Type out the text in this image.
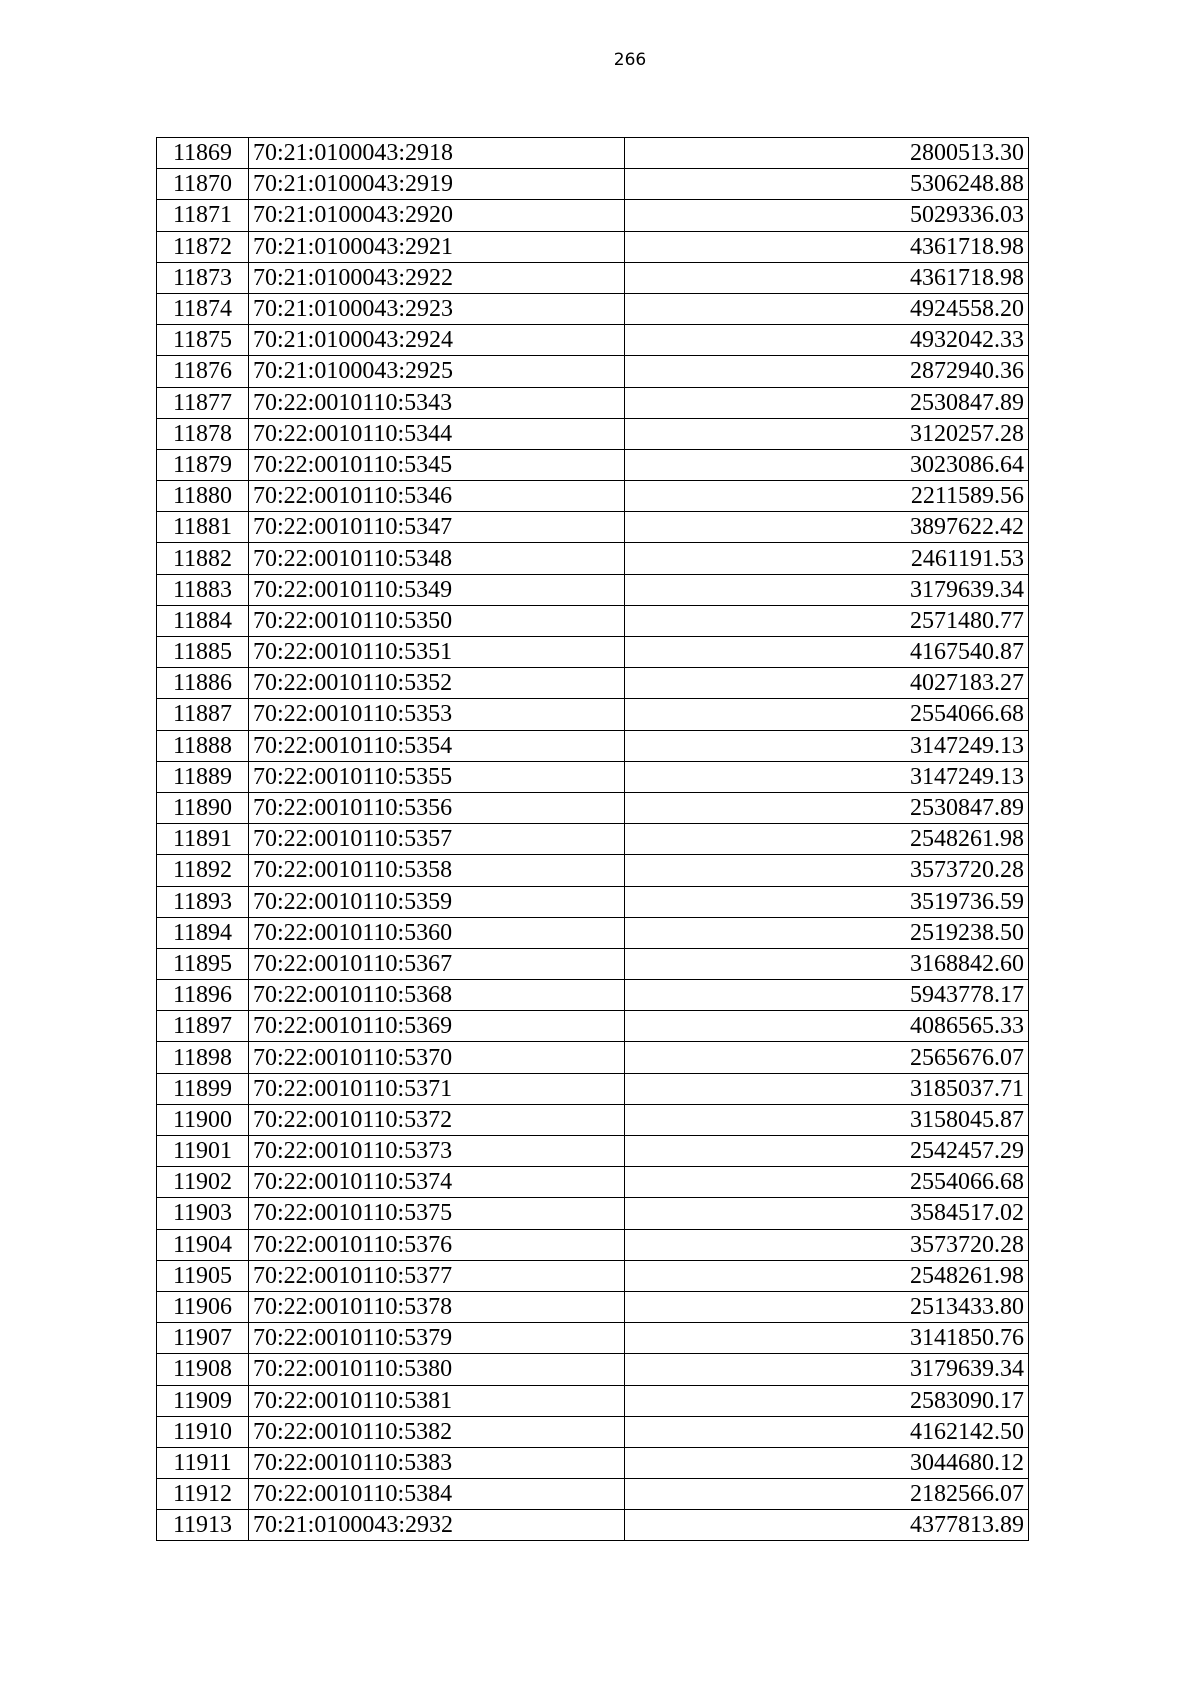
266
11869	70:21:0100043:2918	2800513.30
11870	70:21:0100043:2919	5306248.88
11871	70:21:0100043:2920	5029336.03
11872	70:21:0100043:2921	4361718.98
11873	70:21:0100043:2922	4361718.98
11874	70:21:0100043:2923	4924558.20
11875	70:21:0100043:2924	4932042.33
11876	70:21:0100043:2925	2872940.36
11877	70:22:0010110:5343	2530847.89
11878	70:22:0010110:5344	3120257.28
11879	70:22:0010110:5345	3023086.64
11880	70:22:0010110:5346	2211589.56
11881	70:22:0010110:5347	3897622.42
11882	70:22:0010110:5348	2461191.53
11883	70:22:0010110:5349	3179639.34
11884	70:22:0010110:5350	2571480.77
11885	70:22:0010110:5351	4167540.87
11886	70:22:0010110:5352	4027183.27
11887	70:22:0010110:5353	2554066.68
11888	70:22:0010110:5354	3147249.13
11889	70:22:0010110:5355	3147249.13
11890	70:22:0010110:5356	2530847.89
11891	70:22:0010110:5357	2548261.98
11892	70:22:0010110:5358	3573720.28
11893	70:22:0010110:5359	3519736.59
11894	70:22:0010110:5360	2519238.50
11895	70:22:0010110:5367	3168842.60
11896	70:22:0010110:5368	5943778.17
11897	70:22:0010110:5369	4086565.33
11898	70:22:0010110:5370	2565676.07
11899	70:22:0010110:5371	3185037.71
11900	70:22:0010110:5372	3158045.87
11901	70:22:0010110:5373	2542457.29
11902	70:22:0010110:5374	2554066.68
11903	70:22:0010110:5375	3584517.02
11904	70:22:0010110:5376	3573720.28
11905	70:22:0010110:5377	2548261.98
11906	70:22:0010110:5378	2513433.80
11907	70:22:0010110:5379	3141850.76
11908	70:22:0010110:5380	3179639.34
11909	70:22:0010110:5381	2583090.17
11910	70:22:0010110:5382	4162142.50
11911	70:22:0010110:5383	3044680.12
11912	70:22:0010110:5384	2182566.07
11913	70:21:0100043:2932	4377813.89
